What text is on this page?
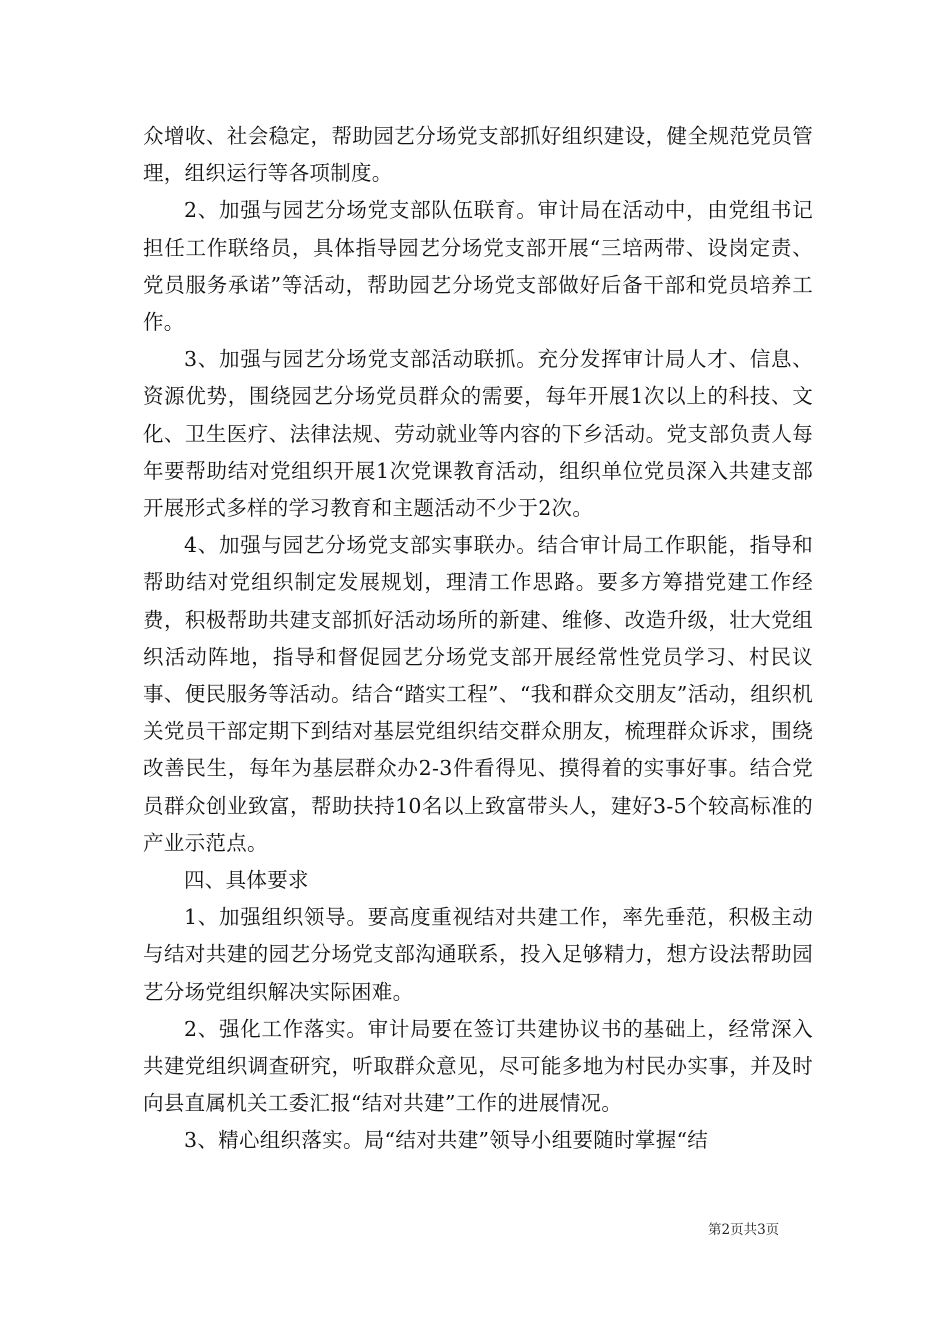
众增收、社会稳定，帮助园艺分场党支部抓好组织建设，健全规范党员管理，组织运行等各项制度。

2、加强与园艺分场党支部队伍联育。审计局在活动中，由党组书记担任工作联络员，具体指导园艺分场党支部开展“三培两带、设岗定责、党员服务承诺”等活动，帮助园艺分场党支部做好后备干部和党员培养工作。

3、加强与园艺分场党支部活动联抓。充分发挥审计局人才、信息、资源优势，围绕园艺分场党员群众的需要，每年开展1次以上的科技、文化、卫生医疗、法律法规、劳动就业等内容的下乡活动。党支部负责人每年要帮助结对党组织开展1次党课教育活动，组织单位党员深入共建支部开展形式多样的学习教育和主题活动不少于2次。

4、加强与园艺分场党支部实事联办。结合审计局工作职能，指导和帮助结对党组织制定发展规划，理清工作思路。要多方筹措党建工作经费，积极帮助共建支部抓好活动场所的新建、维修、改造升级，壮大党组织活动阵地，指导和督促园艺分场党支部开展经常性党员学习、村民议事、便民服务等活动。结合“踏实工程”、“我和群众交朋友”活动，组织机关党员干部定期下到结对基层党组织结交群众朋友，梳理群众诉求，围绕改善民生，每年为基层群众办2-3件看得见、摸得着的实事好事。结合党员群众创业致富，帮助扶持10名以上致富带头人，建好3-5个较高标准的产业示范点。

四、具体要求

1、加强组织领导。要高度重视结对共建工作，率先垂范，积极主动与结对共建的园艺分场党支部沟通联系，投入足够精力，想方设法帮助园艺分场党组织解决实际困难。

2、强化工作落实。审计局要在签订共建协议书的基础上，经常深入共建党组织调查研究，听取群众意见，尽可能多地为村民办实事，并及时向县直属机关工委汇报“结对共建”工作的进展情况。

3、精心组织落实。局“结对共建”领导小组要随时掌握“结

第2页共3页
